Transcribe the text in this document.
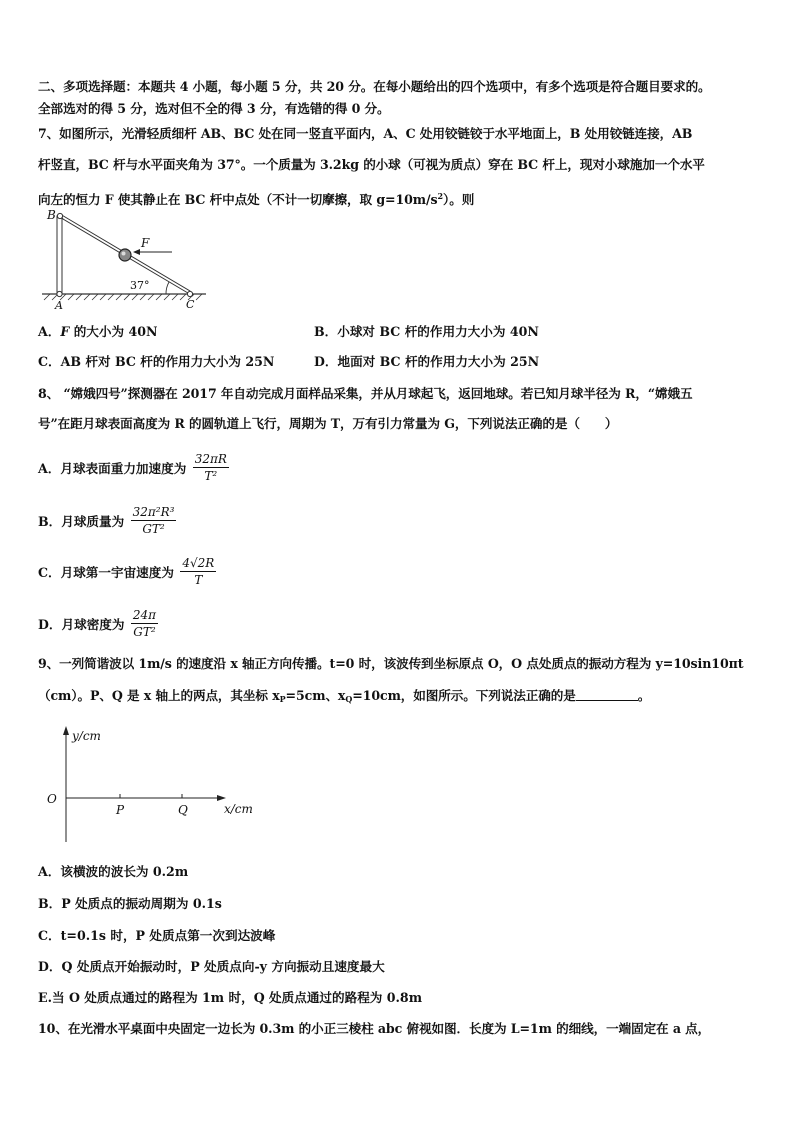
二、多项选择题：本题共 4 小题，每小题 5 分，共 20 分。在每小题给出的四个选项中，有多个选项是符合题目要求的。
全部选对的得 5 分，选对但不全的得 3 分，有选错的得 0 分。
7、如图所示，光滑轻质细杆 AB、BC 处在同一竖直平面内，A、C 处用铰链铰于水平地面上，B 处用铰链连接，AB
杆竖直，BC 杆与水平面夹角为 37°。一个质量为 3.2kg 的小球（可视为质点）穿在 BC 杆上，现对小球施加一个水平
向左的恒力 F 使其静止在 BC 杆中点处（不计一切摩擦，取 $g=10m/s^2$）。则
B
F
37°
A	C
A．F 的大小为 40N	B．小球对 BC 杆的作用力大小为 40N
C．AB 杆对 BC 杆的作用力大小为 25N	D．地面对 BC 杆的作用力大小为 25N
8、 “嫦娥四号”探测器在 2017 年自动完成月面样品采集，并从月球起飞，返回地球。若已知月球半径为 R，“嫦娥五
号”在距月球表面高度为 R 的圆轨道上飞行，周期为 T，万有引力常量为 G，下列说法正确的是（　　）
A．月球表面重力加速度为 $\frac{32\pi R}{\text{T²}}$
B．月球质量为 $\frac{\text{32π²R³}}{\text{GT²}}$
C．月球第一宇宙速度为 $\frac{4√2R}{T}$
D．月球密度为 $\frac{24\pi}{\text{GT²}}$
9、一列简谐波以 1m/s 的速度沿 x 轴正方向传播。t=0 时，该波传到坐标原点 O，O 点处质点的振动方程为 y=10sin10πt
（cm）。P、Q 是 x 轴上的两点，其坐标 $x_P=5cm$、$x_Q=10cm$，如图所示。下列说法正确的是	。
y/cm
O
P	Q	x/cm
A．该横波的波长为 0.2m
B．P 处质点的振动周期为 0.1s
C．t=0.1s 时，P 处质点第一次到达波峰
D．Q 处质点开始振动时，P 处质点向-y 方向振动且速度最大
E.当 O 处质点通过的路程为 1m 时，Q 处质点通过的路程为 0.8m
10、在光滑水平桌面中央固定一边长为 0.3m 的小正三棱柱 abc 俯视如图．长度为 L=1m 的细线，一端固定在 a 点，
